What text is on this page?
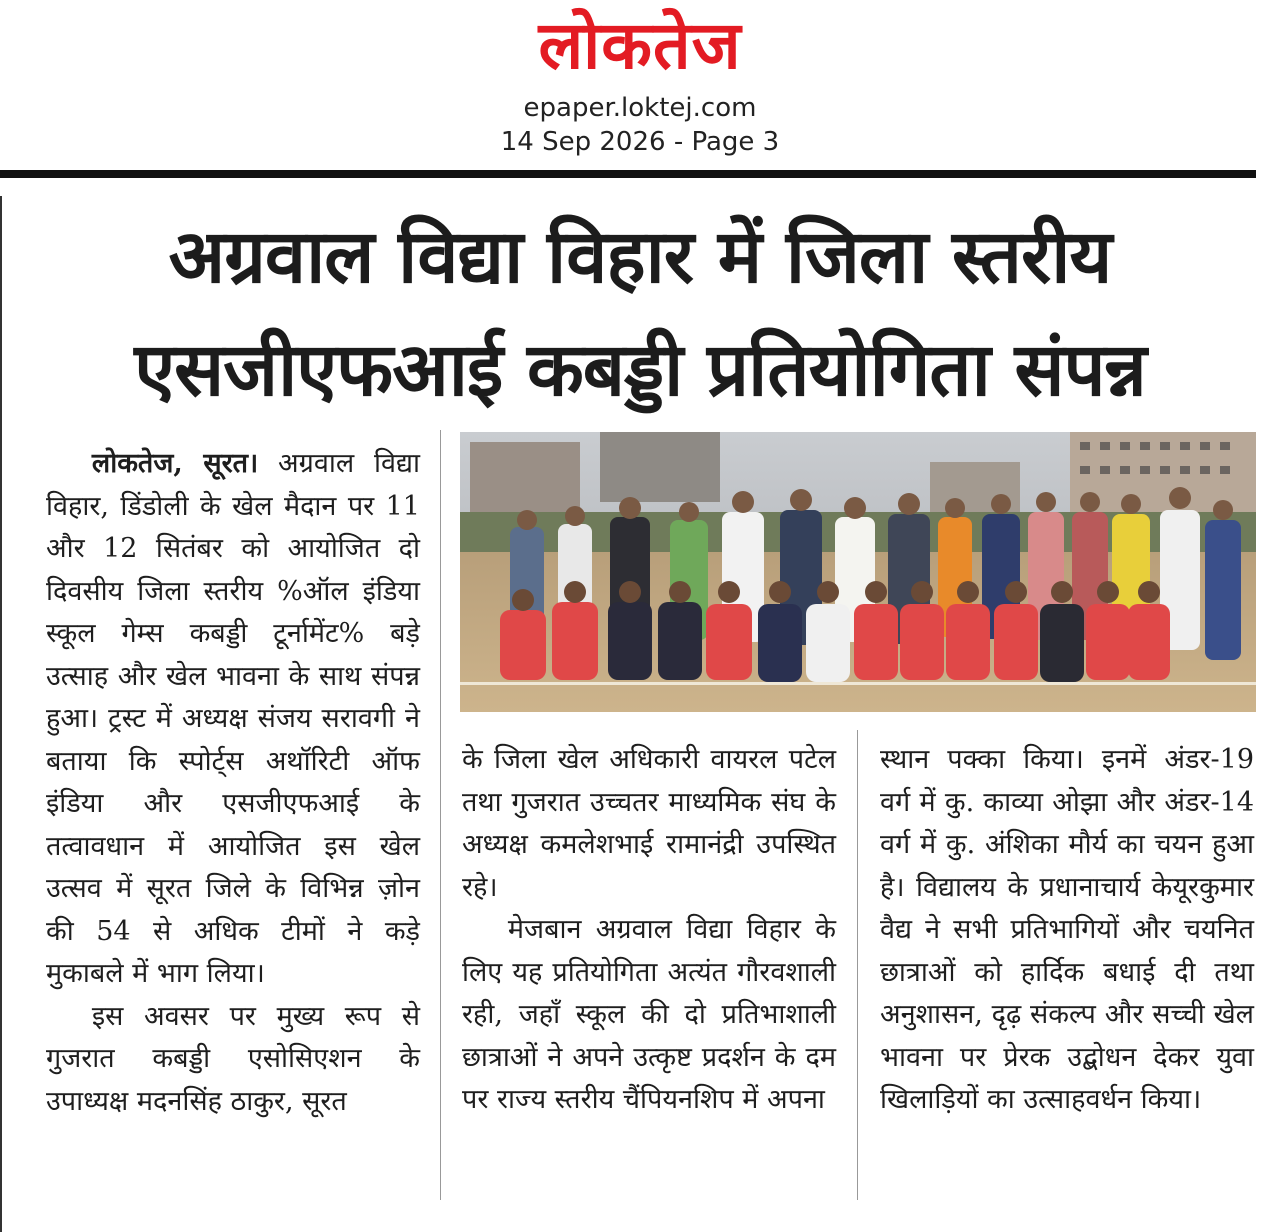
लोकतेज
epaper.loktej.com
14 Sep 2026 - Page 3
अग्रवाल विद्या विहार में जिला स्तरीय
एसजीएफआई कबड्डी प्रतियोगिता संपन्न

लोकतेज, सूरत। अग्रवाल विद्या विहार, डिंडोली के खेल मैदान पर 11 और 12 सितंबर को आयोजित दो दिवसीय जिला स्तरीय %ऑल इंडिया स्कूल गेम्स कबड्डी टूर्नामेंट% बड़े उत्साह और खेल भावना के साथ संपन्न हुआ। ट्रस्ट में अध्यक्ष संजय सरावगी ने बताया कि स्पोर्ट्स अथॉरिटी ऑफ इंडिया और एसजीएफआई के तत्वावधान में आयोजित इस खेल उत्सव में सूरत जिले के विभिन्न ज़ोन की 54 से अधिक टीमों ने कड़े मुकाबले में भाग लिया।

इस अवसर पर मुख्य रूप से गुजरात कबड्डी एसोसिएशन के उपाध्यक्ष मदनसिंह ठाकुर, सूरत

के जिला खेल अधिकारी वायरल पटेल तथा गुजरात उच्चतर माध्यमिक संघ के अध्यक्ष कमलेशभाई रामानंद्री उपस्थित रहे।

मेजबान अग्रवाल विद्या विहार के लिए यह प्रतियोगिता अत्यंत गौरवशाली रही, जहाँ स्कूल की दो प्रतिभाशाली छात्राओं ने अपने उत्कृष्ट प्रदर्शन के दम पर राज्य स्तरीय चैंपियनशिप में अपना

स्थान पक्का किया। इनमें अंडर-19 वर्ग में कु. काव्या ओझा और अंडर-14 वर्ग में कु. अंशिका मौर्य का चयन हुआ है। विद्यालय के प्रधानाचार्य केयूरकुमार वैद्य ने सभी प्रतिभागियों और चयनित छात्राओं को हार्दिक बधाई दी तथा अनुशासन, दृढ़ संकल्प और सच्ची खेल भावना पर प्रेरक उद्बोधन देकर युवा खिलाड़ियों का उत्साहवर्धन किया।
